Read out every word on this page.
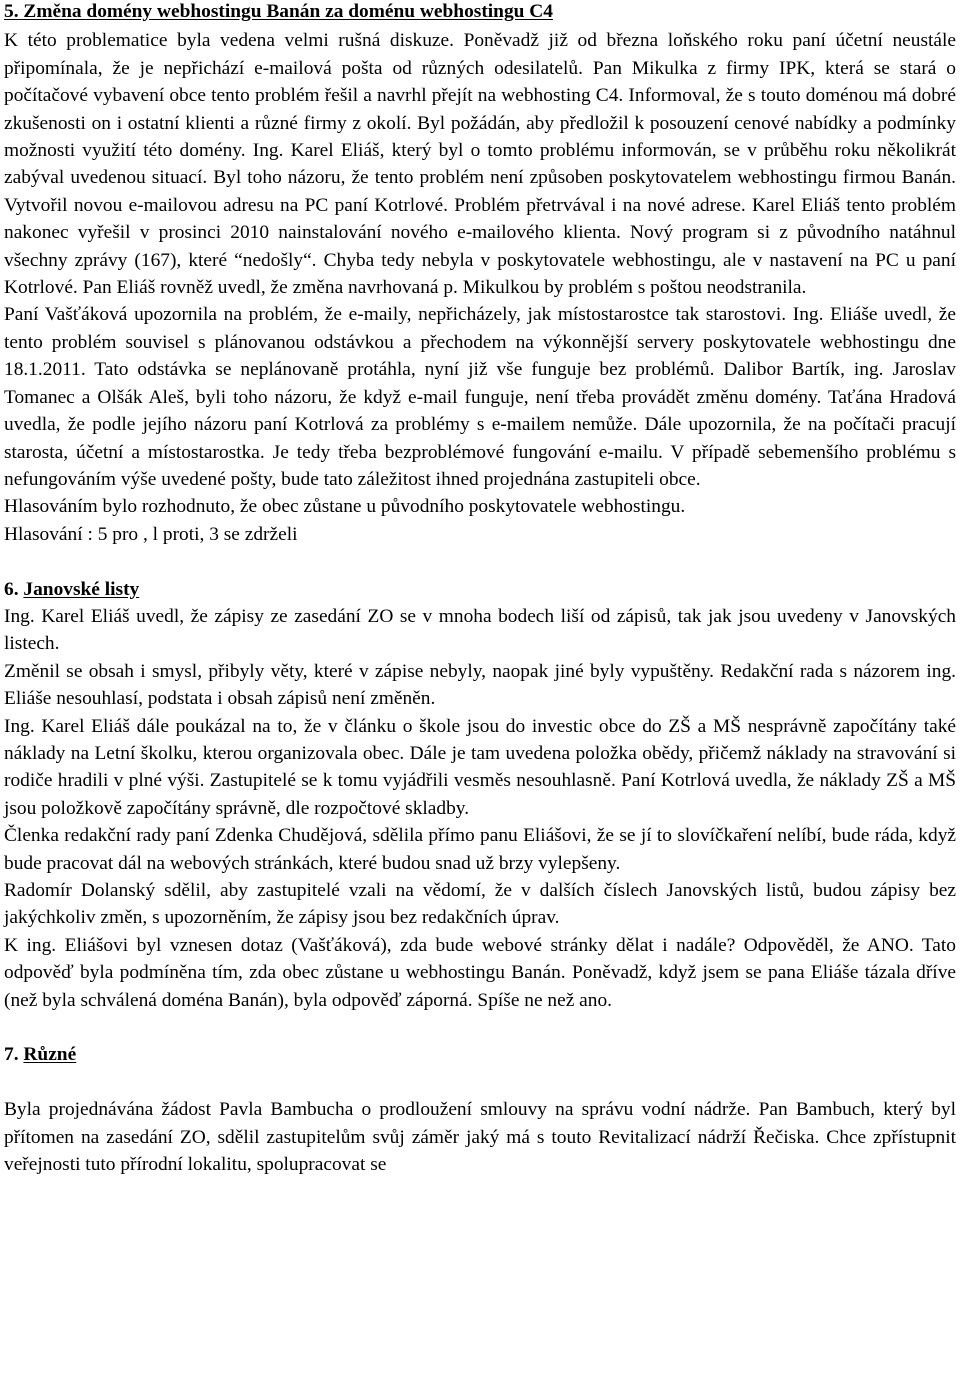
5. Změna domény webhostingu Banán za doménu webhostingu C4

K této problematice byla vedena velmi rušná diskuze. Poněvadž již od března loňského roku paní účetní neustále připomínala, že je nepřichází e-mailová pošta od různých odesilatelů. Pan Mikulka z firmy IPK, která se stará o počítačové vybavení obce tento problém řešil a navrhl přejít na webhosting C4. Informoval, že s touto doménou má dobré zkušenosti on i ostatní klienti a různé firmy z okolí. Byl požádán, aby předložil k posouzení cenové nabídky a podmínky možnosti využití této domény. Ing. Karel Eliáš, který byl o tomto problému informován, se v průběhu roku několikrát zabýval uvedenou situací. Byl toho názoru, že tento problém není způsoben poskytovatelem webhostingu firmou Banán. Vytvořil novou e-mailovou adresu na PC paní Kotrlové. Problém přetrvával i na nové adrese. Karel Eliáš tento problém nakonec vyřešil v prosinci 2010 nainstalování nového e-mailového klienta. Nový program si z původního natáhnul všechny zprávy (167), které “nedošly“. Chyba tedy nebyla v poskytovatele webhostingu, ale v nastavení na PC u paní Kotrlové. Pan Eliáš rovněž uvedl, že změna navrhovaná p. Mikulkou by problém s poštou neodstranila.

Paní Vašťáková upozornila na problém, že e-maily, nepřicházely, jak místostarostce tak starostovi. Ing. Eliáše uvedl, že tento problém souvisel s plánovanou odstávkou a přechodem na výkonnější servery poskytovatele webhostingu dne 18.1.2011. Tato odstávka se neplánovaně protáhla, nyní již vše funguje bez problémů. Dalibor Bartík, ing. Jaroslav Tomanec a Olšák Aleš, byli toho názoru, že když e-mail funguje, není třeba provádět změnu domény. Taťána Hradová uvedla, že podle jejího názoru paní Kotrlová za problémy s e-mailem nemůže. Dále upozornila, že na počítači pracují starosta, účetní a místostarostka. Je tedy třeba bezproblémové fungování e-mailu. V případě sebemenšího problému s nefungováním výše uvedené pošty, bude tato záležitost ihned projednána zastupiteli obce.

Hlasováním bylo rozhodnuto, že obec zůstane u původního poskytovatele webhostingu.

Hlasování : 5 pro , l proti, 3 se zdrželi

6. Janovské listy

Ing. Karel Eliáš uvedl, že zápisy ze zasedání ZO se v mnoha bodech liší od zápisů, tak jak jsou uvedeny v Janovských listech.

Změnil se obsah i smysl, přibyly věty, které v zápise nebyly, naopak jiné byly vypuštěny. Redakční rada s názorem ing. Eliáše nesouhlasí, podstata i obsah zápisů není změněn.

Ing. Karel Eliáš dále poukázal na to, že v článku o škole jsou do investic obce do ZŠ a MŠ nesprávně započítány také náklady na Letní školku, kterou organizovala obec. Dále je tam uvedena položka obědy, přičemž náklady na stravování si rodiče hradili v plné výši. Zastupitelé se k tomu vyjádřili vesměs nesouhlasně. Paní Kotrlová uvedla, že náklady ZŠ a MŠ jsou položkově započítány správně, dle rozpočtové skladby.

Členka redakční rady paní Zdenka Chudějová, sdělila přímo panu Eliášovi, že se jí to slovíčkaření nelíbí, bude ráda, když bude pracovat dál na webových stránkách, které budou snad už brzy vylepšeny.

Radomír Dolanský sdělil, aby zastupitelé vzali na vědomí, že v dalších číslech Janovských listů, budou zápisy bez jakýchkoliv změn, s upozorněním, že zápisy jsou bez redakčních úprav.

K ing. Eliášovi byl vznesen dotaz (Vašťáková), zda bude webové stránky dělat i nadále? Odpověděl, že ANO. Tato odpověď byla podmíněna tím, zda obec zůstane u webhostingu Banán. Poněvadž, když jsem se pana Eliáše tázala dříve (než byla schválená doména Banán), byla odpověď záporná. Spíše ne než ano.

7. Různé

Byla projednávána žádost Pavla Bambucha o prodloužení smlouvy na správu vodní nádrže. Pan Bambuch, který byl přítomen na zasedání ZO, sdělil zastupitelům svůj záměr jaký má s touto Revitalizací nádrží Řečiska. Chce zpřístupnit veřejnosti tuto přírodní lokalitu, spolupracovat se
